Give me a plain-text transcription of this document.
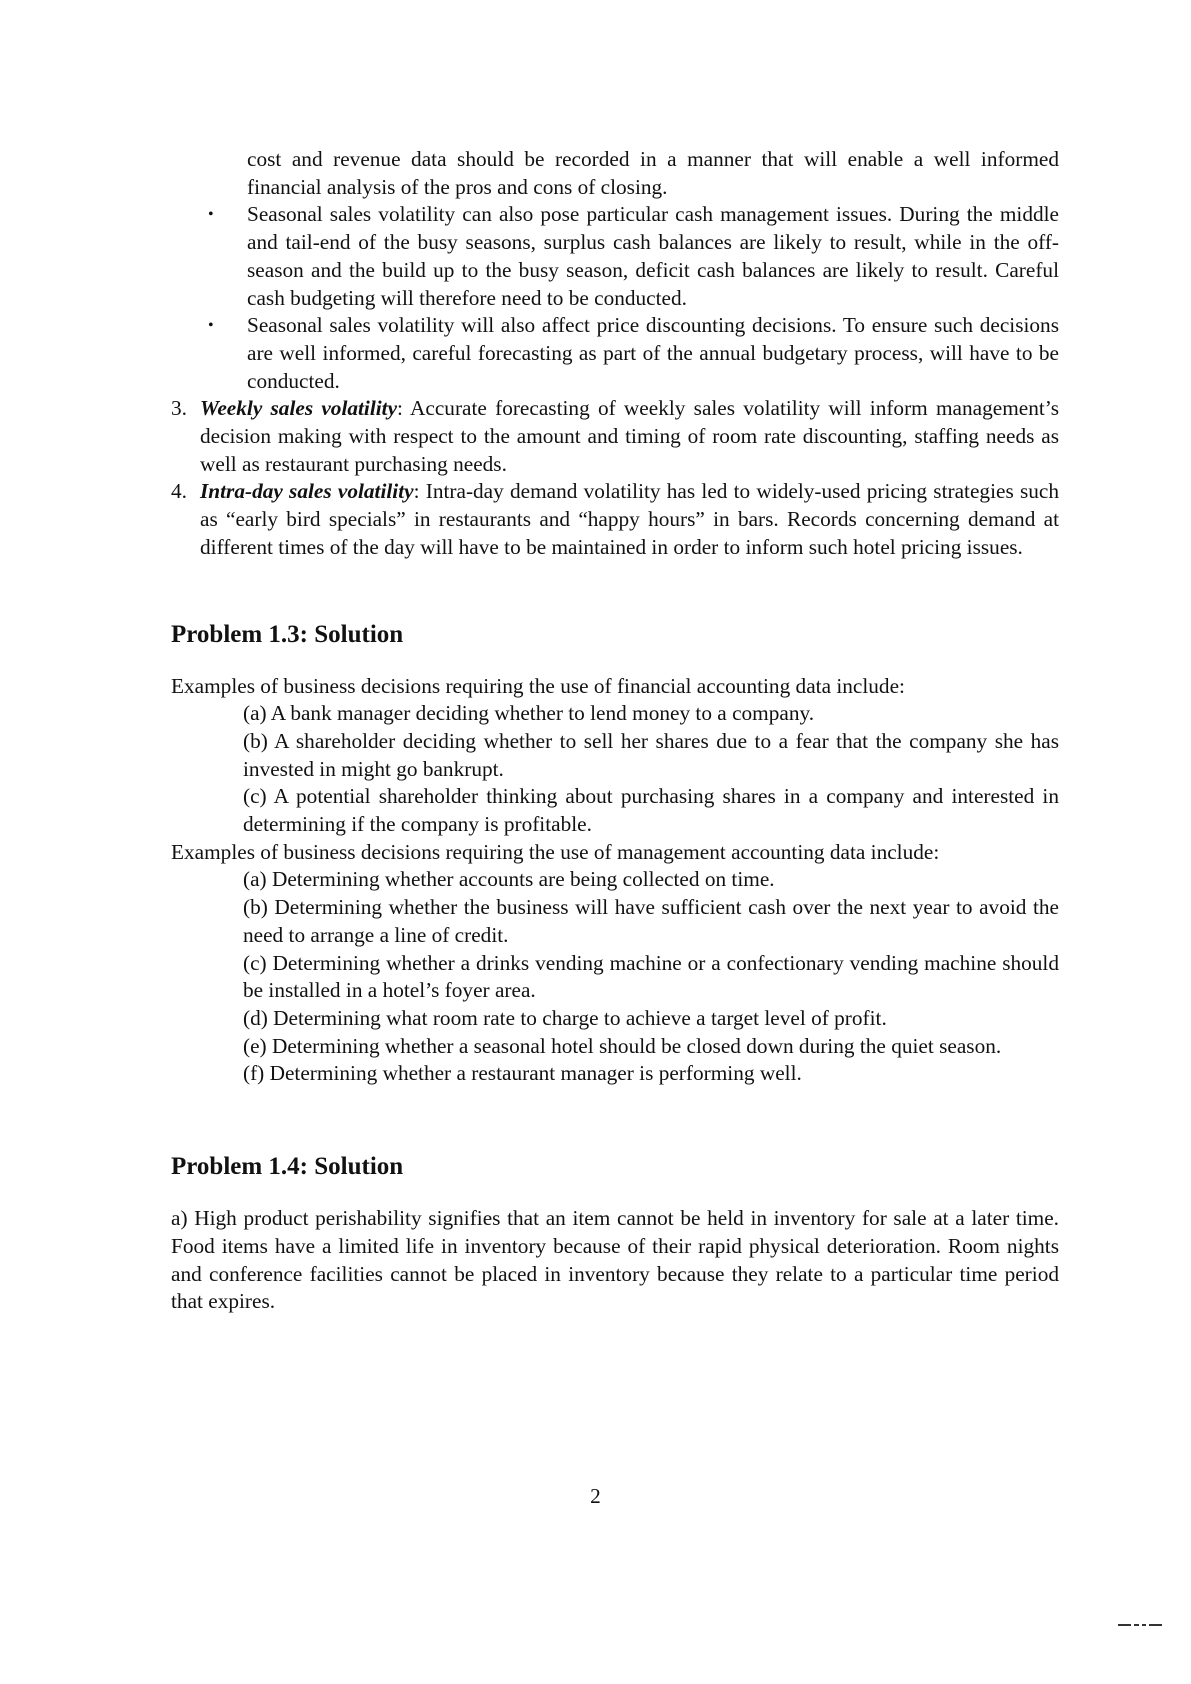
cost and revenue data should be recorded in a manner that will enable a well informed financial analysis of the pros and cons of closing.
• Seasonal sales volatility can also pose particular cash management issues. During the middle and tail-end of the busy seasons, surplus cash balances are likely to result, while in the off-season and the build up to the busy season, deficit cash balances are likely to result. Careful cash budgeting will therefore need to be conducted.
• Seasonal sales volatility will also affect price discounting decisions. To ensure such decisions are well informed, careful forecasting as part of the annual budgetary process, will have to be conducted.
3. Weekly sales volatility: Accurate forecasting of weekly sales volatility will inform management’s decision making with respect to the amount and timing of room rate discounting, staffing needs as well as restaurant purchasing needs.
4. Intra-day sales volatility: Intra-day demand volatility has led to widely-used pricing strategies such as “early bird specials” in restaurants and “happy hours” in bars. Records concerning demand at different times of the day will have to be maintained in order to inform such hotel pricing issues.
Problem 1.3: Solution
Examples of business decisions requiring the use of financial accounting data include:
(a) A bank manager deciding whether to lend money to a company.
(b) A shareholder deciding whether to sell her shares due to a fear that the company she has invested in might go bankrupt.
(c) A potential shareholder thinking about purchasing shares in a company and interested in determining if the company is profitable.
Examples of business decisions requiring the use of management accounting data include:
(a) Determining whether accounts are being collected on time.
(b) Determining whether the business will have sufficient cash over the next year to avoid the need to arrange a line of credit.
(c) Determining whether a drinks vending machine or a confectionary vending machine should be installed in a hotel’s foyer area.
(d) Determining what room rate to charge to achieve a target level of profit.
(e) Determining whether a seasonal hotel should be closed down during the quiet season.
(f) Determining whether a restaurant manager is performing well.
Problem 1.4: Solution
a) High product perishability signifies that an item cannot be held in inventory for sale at a later time. Food items have a limited life in inventory because of their rapid physical deterioration. Room nights and conference facilities cannot be placed in inventory because they relate to a particular time period that expires.
2
